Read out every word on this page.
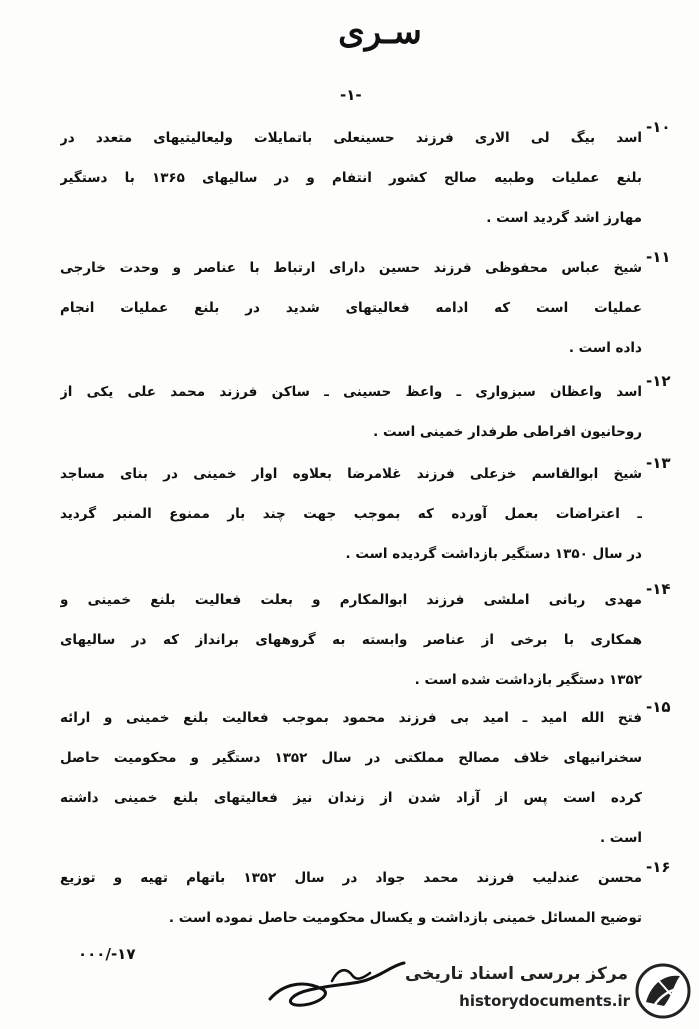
سـری
-۱-
-۱۰
اسد بیگ لی الاری فرزند حسینعلی باتمایلات ولیعالیتیهای متعدد در
بلنع عملیات وطبیه صالح کشور انتفام و در سالیهای ۱۳۶۵ با دستگیر
مهارز اشد گردید است .
-۱۱
شیخ عباس محفوظی فرزند حسین دارای ارتباط با عناصر و وحدت خارجی
عملیات است که ادامه فعالیتهای شدید در بلنع عملیات انجام
داده است .
-۱۲
اسد واعظان سبزواری ـ واعظ حسینی ـ ساکن فرزند محمد علی یکی از
روحانیون افراطی طرفدار خمینی است .
-۱۳
شیخ ابوالقاسم خزعلی فرزند غلامرضا بعلاوه اوار خمینی در بنای مساجد
ـ اعتراضات بعمل آورده که بموجب جهت چند بار ممنوع المنبر گردید
در سال ۱۳۵۰ دستگیر بازداشت گردیده است .
-۱۴
مهدی ربانی املشی فرزند ابوالمکارم و بعلت فعالیت بلنع خمینی و
همکاری با برخی از عناصر وابسته به گروههای برانداز که در سالیهای
۱۳۵۲ دستگیر بازداشت شده است .
-۱۵
فتح الله امید ـ امید بی فرزند محمود بموجب فعالیت بلنع خمینی و ارائه
سخنرانیهای خلاف مصالح مملکتی در سال ۱۳۵۲ دستگیر و محکومیت حاصل
کرده است پس از آزاد شدن از زندان نیز فعالیتهای بلنع خمینی داشته
است .
-۱۶
محسن عندلیب فرزند محمد جواد در سال ۱۳۵۲ باتهام تهیه و توزیع
توضیح المسائل خمینی بازداشت و یکسال محکومیت حاصل نموده است .
۰۰۰/-۱۷
مرکز بررسی اسناد تاریخی
historydocuments.ir
